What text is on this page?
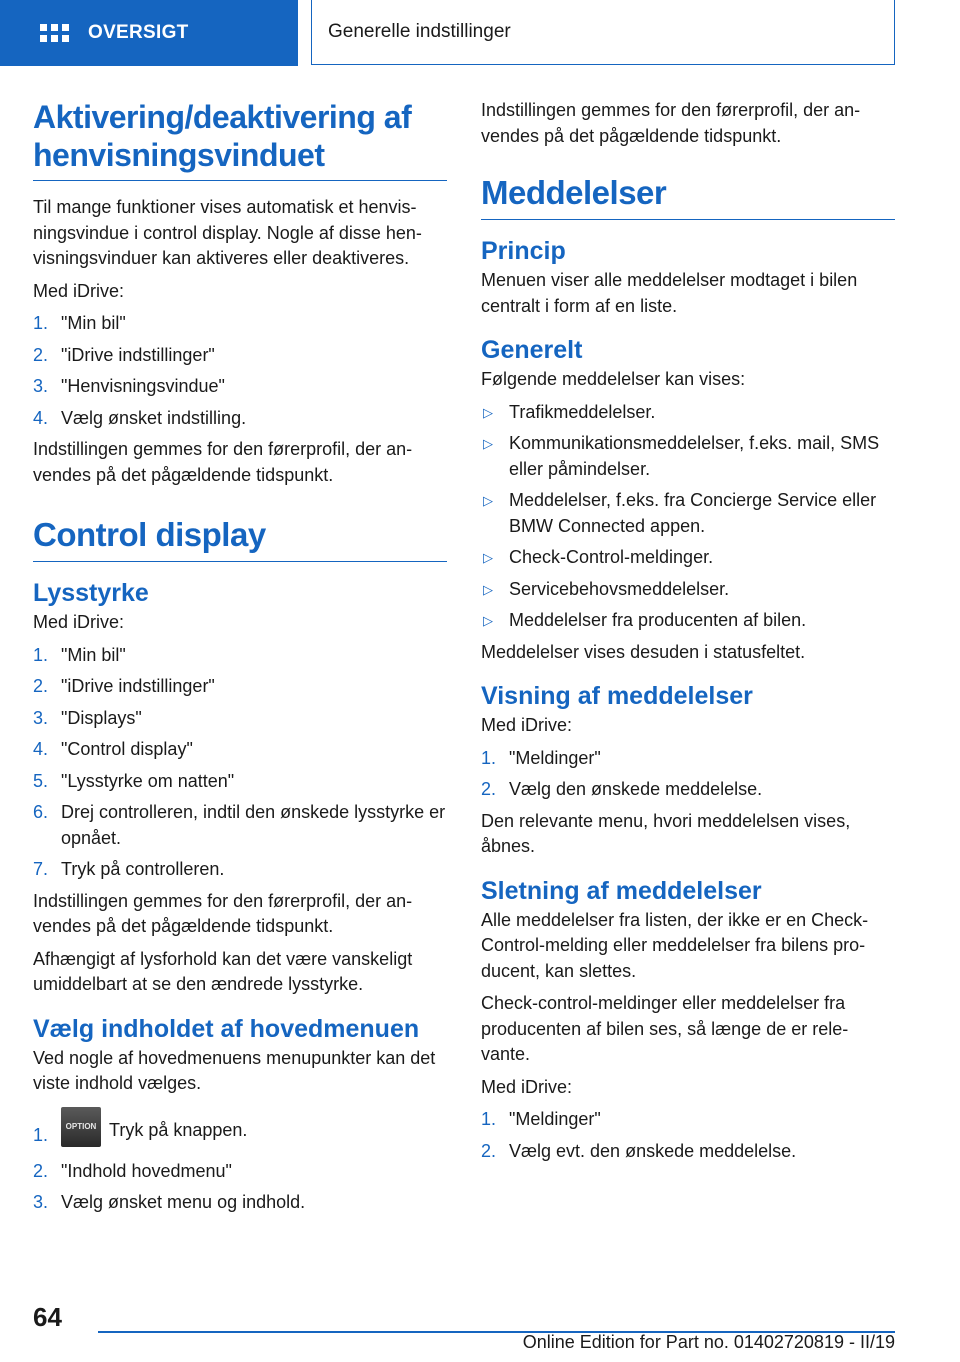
OVERSIGT	Generelle indstillinger
Aktivering/deaktivering af henvisningsvinduet

Til mange funktioner vises automatisk et henvis-ningsvindue i control display. Nogle af disse hen-visningsvinduer kan aktiveres eller deaktiveres.

Med iDrive:

1. "Min bil"
2. "iDrive indstillinger"
3. "Henvisningsvindue"
4. Vælg ønsket indstilling.

Indstillingen gemmes for den førerprofil, der an-vendes på det pågældende tidspunkt.

Control display
Lysstyrke

Med iDrive:

1. "Min bil"
2. "iDrive indstillinger"
3. "Displays"
4. "Control display"
5. "Lysstyrke om natten"
6. Drej controlleren, indtil den ønskede lysstyrke er opnået.
7. Tryk på controlleren.

Indstillingen gemmes for den førerprofil, der an-vendes på det pågældende tidspunkt.

Afhængigt af lysforhold kan det være vanskeligt umiddelbart at se den ændrede lysstyrke.

Vælg indholdet af hovedmenuen

Ved nogle af hovedmenuens menupunkter kan det viste indhold vælges.

1. OPTION Tryk på knappen.
2. "Indhold hovedmenu"
3. Vælg ønsket menu og indhold.

Indstillingen gemmes for den førerprofil, der an-vendes på det pågældende tidspunkt.

Meddelelser
Princip

Menuen viser alle meddelelser modtaget i bilen centralt i form af en liste.

Generelt

Følgende meddelelser kan vises:

▷ Trafikmeddelelser.
▷ Kommunikationsmeddelelser, f.eks. mail, SMS eller påmindelser.
▷ Meddelelser, f.eks. fra Concierge Service eller BMW Connected appen.
▷ Check-Control-meldinger.
▷ Servicebehovsmeddelelser.
▷ Meddelelser fra producenten af bilen.

Meddelelser vises desuden i statusfeltet.

Visning af meddelelser

Med iDrive:

1. "Meldinger"
2. Vælg den ønskede meddelelse.

Den relevante menu, hvori meddelelsen vises, åbnes.

Sletning af meddelelser

Alle meddelelser fra listen, der ikke er en Check-Control-melding eller meddelelser fra bilens pro-ducent, kan slettes.

Check-control-meldinger eller meddelelser fra producenten af bilen ses, så længe de er rele-vante.

Med iDrive:

1. "Meldinger"
2. Vælg evt. den ønskede meddelelse.
64
Online Edition for Part no. 01402720819 - II/19
